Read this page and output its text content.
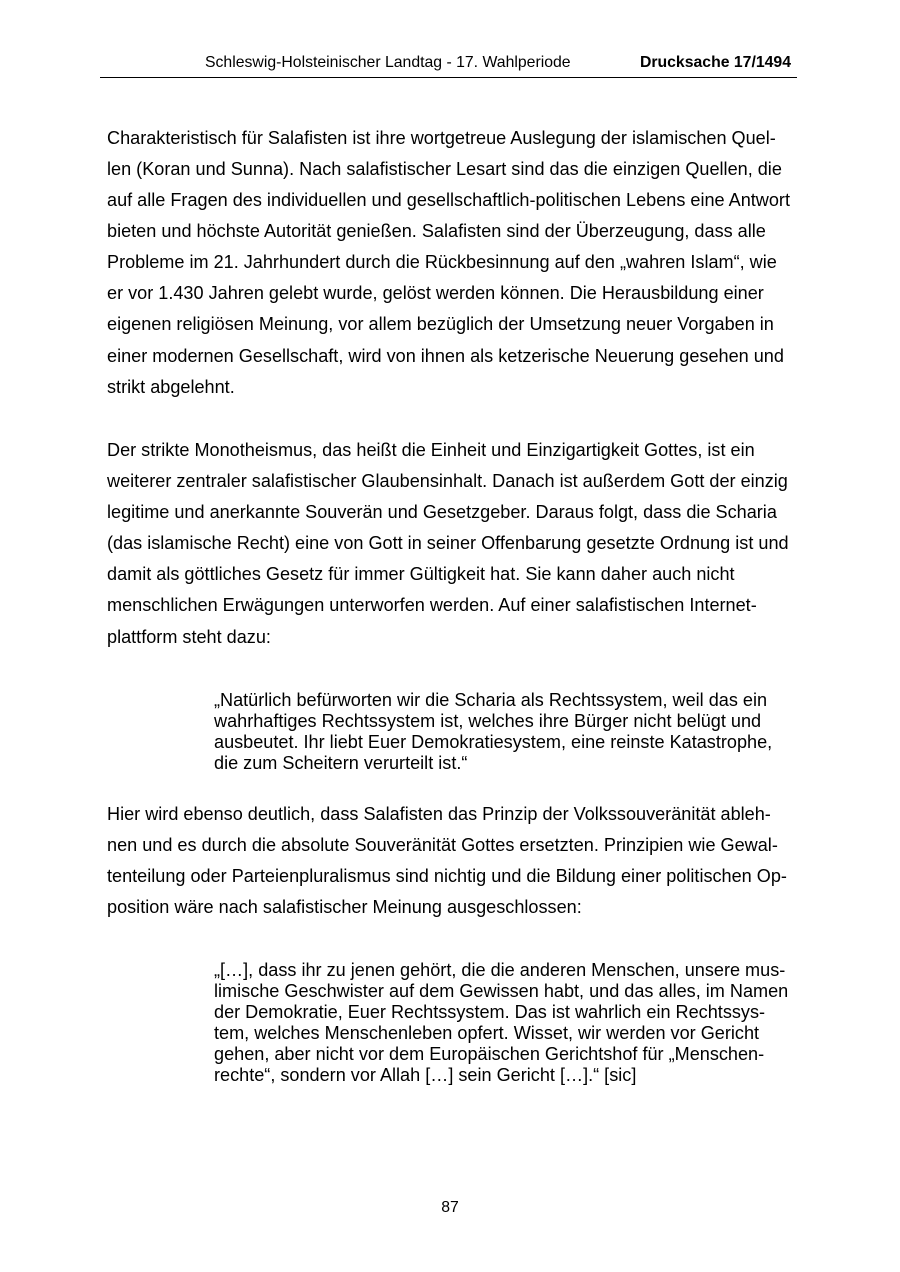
Schleswig-Holsteinischer Landtag - 17. Wahlperiode	Drucksache 17/1494
Charakteristisch für Salafisten ist ihre wortgetreue Auslegung der islamischen Quel-
len (Koran und Sunna). Nach salafistischer Lesart sind das die einzigen Quellen, die
auf alle Fragen des individuellen und gesellschaftlich-politischen Lebens eine Antwort
bieten und höchste Autorität genießen. Salafisten sind der Überzeugung, dass alle
Probleme im 21. Jahrhundert durch die Rückbesinnung auf den „wahren Islam“, wie
er vor 1.430 Jahren gelebt wurde, gelöst werden können. Die Herausbildung einer
eigenen religiösen Meinung, vor allem bezüglich der Umsetzung neuer Vorgaben in
einer modernen Gesellschaft, wird von ihnen als ketzerische Neuerung gesehen und
strikt abgelehnt.
Der strikte Monotheismus, das heißt die Einheit und Einzigartigkeit Gottes, ist ein
weiterer zentraler salafistischer Glaubensinhalt. Danach ist außerdem Gott der einzig
legitime und anerkannte Souverän und Gesetzgeber. Daraus folgt, dass die Scharia
(das islamische Recht) eine von Gott in seiner Offenbarung gesetzte Ordnung ist und
damit als göttliches Gesetz für immer Gültigkeit hat. Sie kann daher auch nicht
menschlichen Erwägungen unterworfen werden. Auf einer salafistischen Internet-
plattform steht dazu:
„Natürlich befürworten wir die Scharia als Rechtssystem, weil das ein
wahrhaftiges Rechtssystem ist, welches ihre Bürger nicht belügt und
ausbeutet. Ihr liebt Euer Demokratiesystem, eine reinste Katastrophe,
die zum Scheitern verurteilt ist.“
Hier wird ebenso deutlich, dass Salafisten das Prinzip der Volkssouveränität ableh-
nen und es durch die absolute Souveränität Gottes ersetzten. Prinzipien wie Gewal-
tenteilung oder Parteienpluralismus sind nichtig und die Bildung einer politischen Op-
position wäre nach salafistischer Meinung ausgeschlossen:
„[…], dass ihr zu jenen gehört, die die anderen Menschen, unsere mus-
limische Geschwister auf dem Gewissen habt, und das alles, im Namen
der Demokratie, Euer Rechtssystem. Das ist wahrlich ein Rechtssys-
tem, welches Menschenleben opfert. Wisset, wir werden vor Gericht
gehen, aber nicht vor dem Europäischen Gerichtshof für „Menschen-
rechte“, sondern vor Allah […] sein Gericht […].“ [sic]
87
